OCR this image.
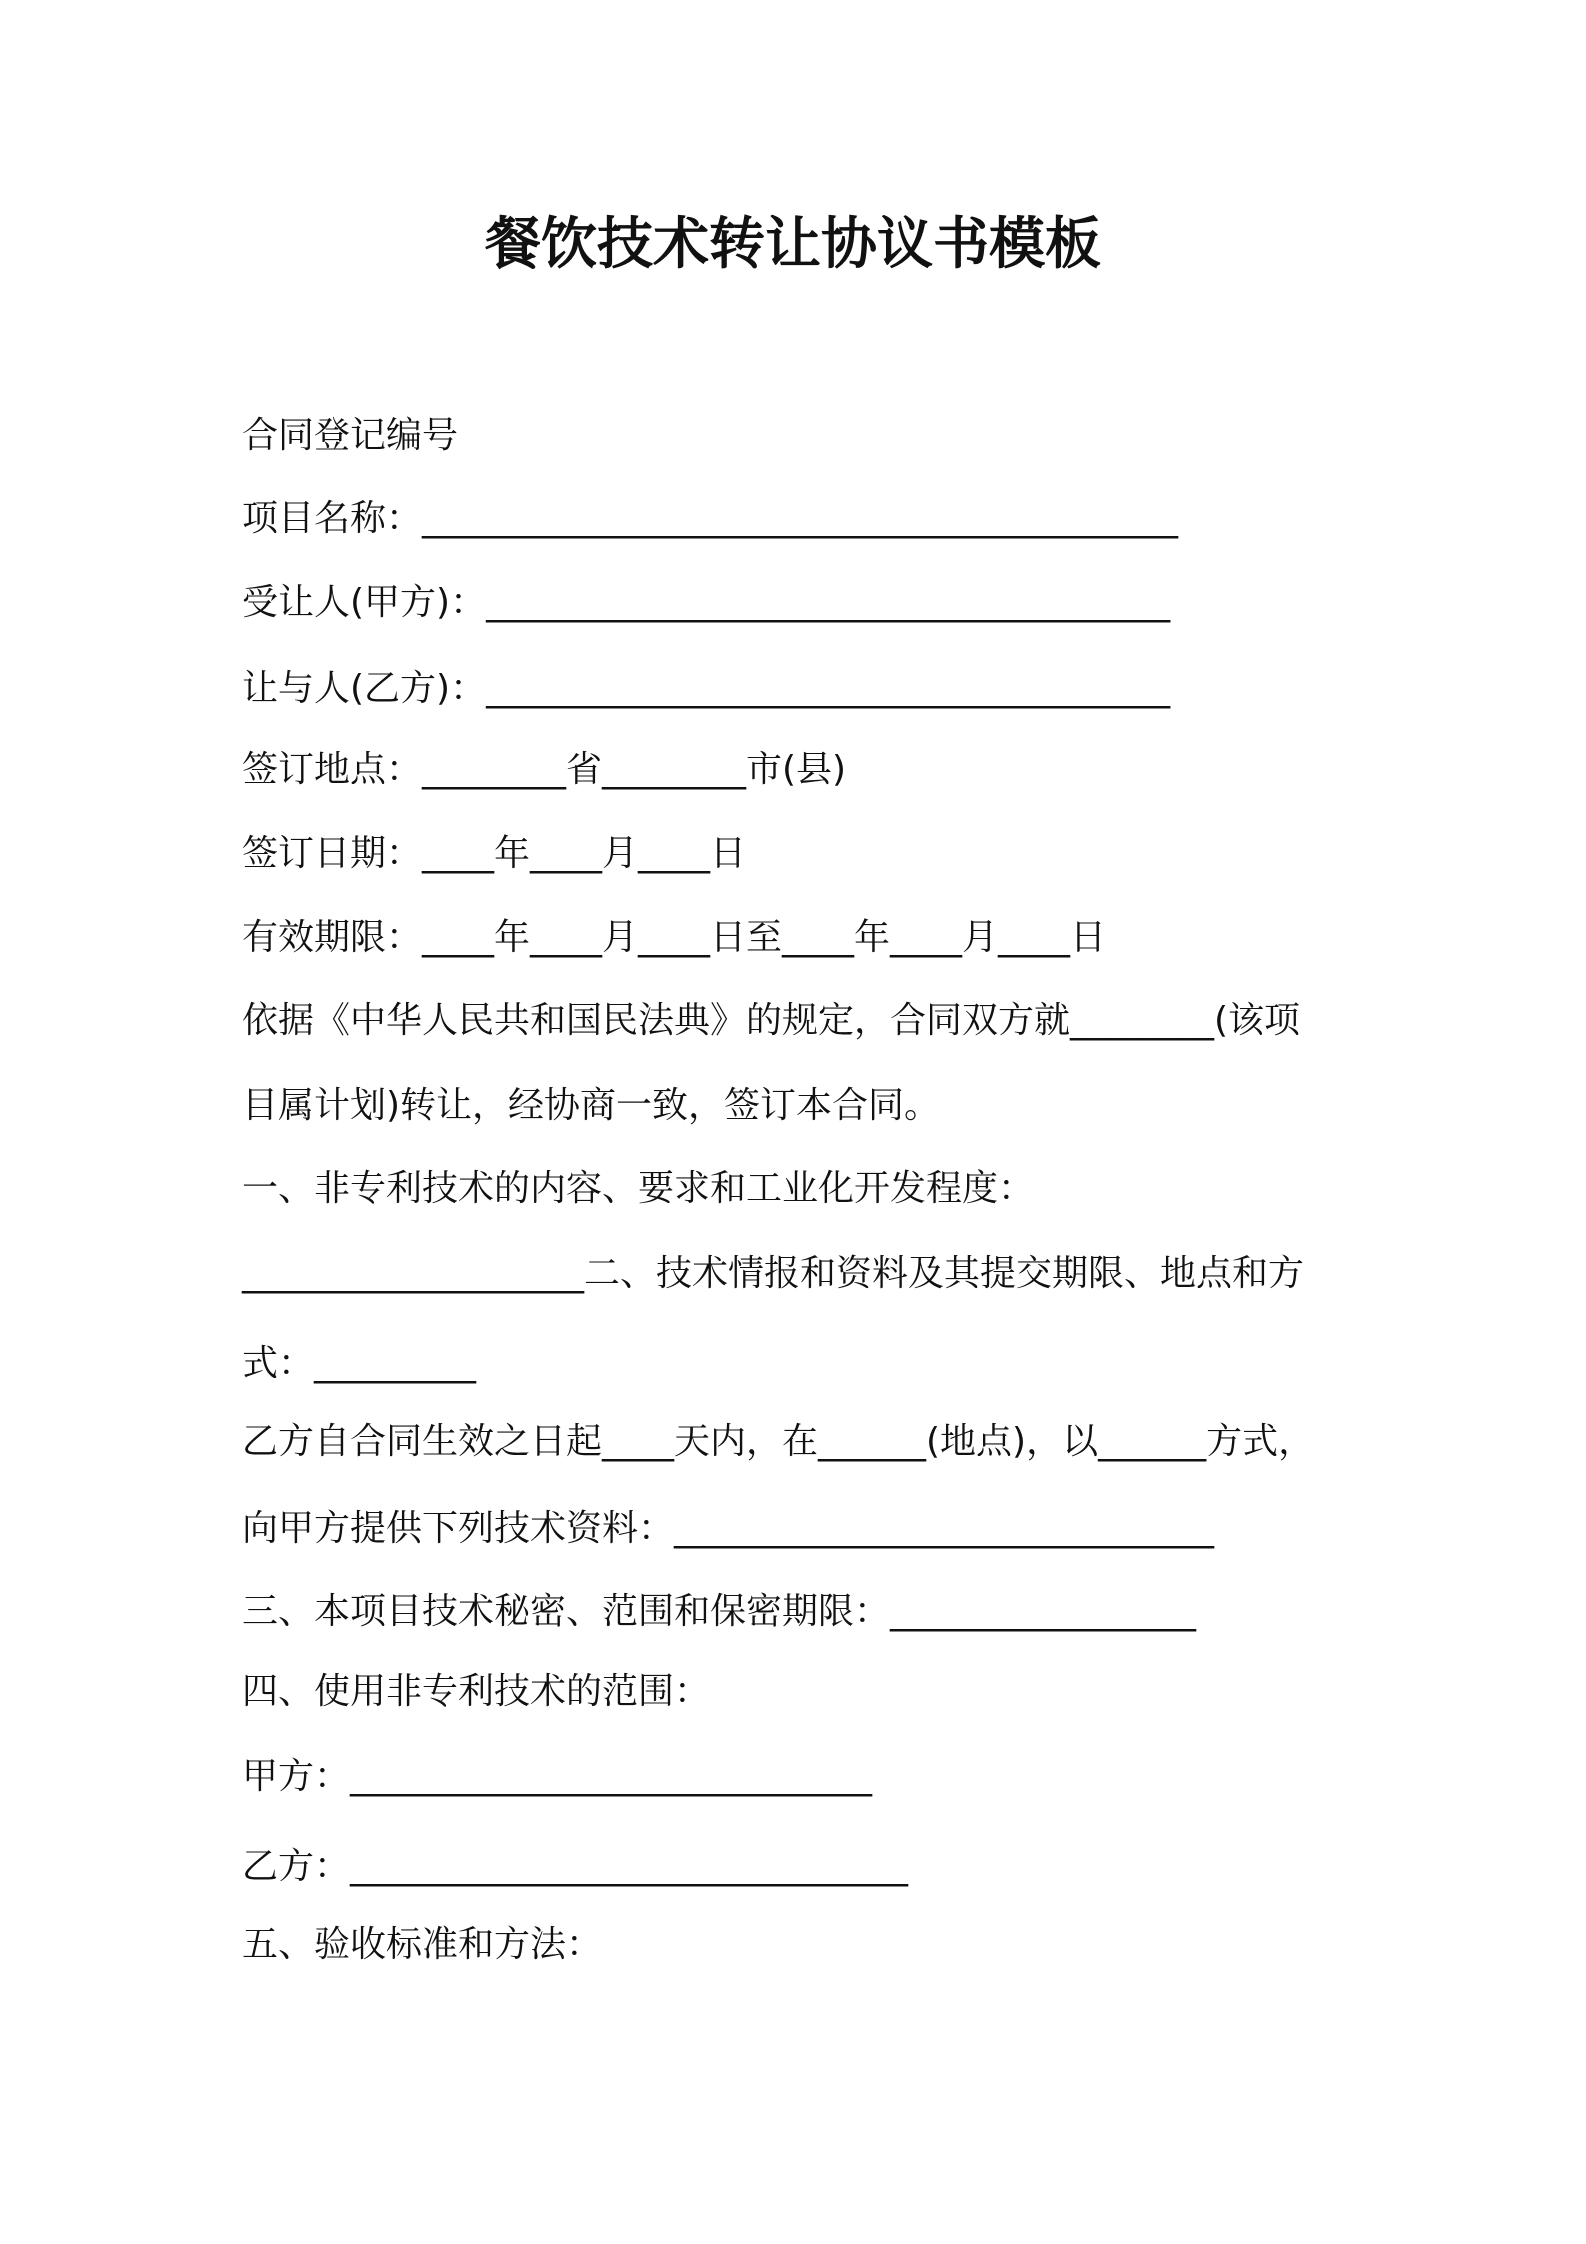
餐饮技术转让协议书模板

合同登记编号

项目名称：__________________________________________

受让人(甲方)：______________________________________

让与人(乙方)：______________________________________

签订地点：________省________市(县)

签订日期：____年____月____日

有效期限：____年____月____日至____年____月____日

依据《中华人民共和国民法典》的规定，合同双方就________(该项

目属计划)转让，经协商一致，签订本合同。

一、非专利技术的内容、要求和工业化开发程度：

___________________二、技术情报和资料及其提交期限、地点和方

式：_________

乙方自合同生效之日起____天内，在______(地点)，以______方式，

向甲方提供下列技术资料：______________________________

三、本项目技术秘密、范围和保密期限：_________________

四、使用非专利技术的范围：

甲方：_____________________________

乙方：_______________________________

五、验收标准和方法：
